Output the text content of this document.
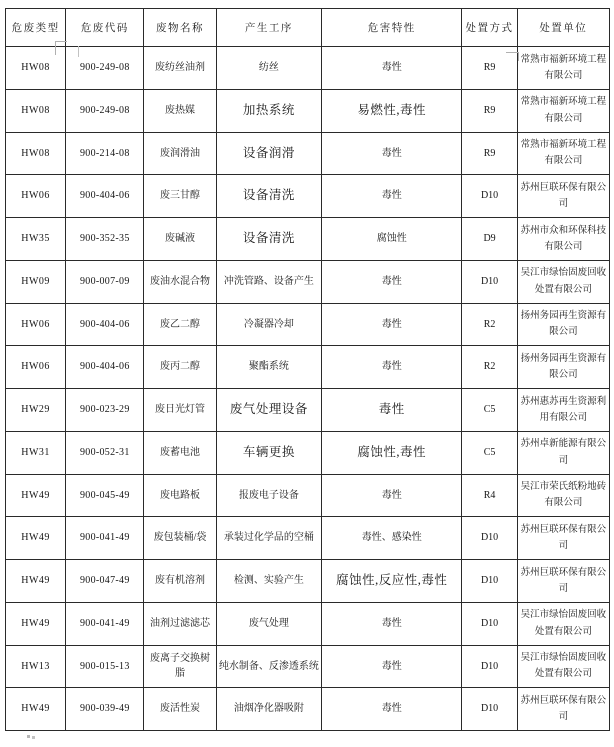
危废类型	危废代码	废物名称	产生工序	危害特性	处置方式	处置单位
HW08	900-249-08	废纺丝油剂	纺丝	毒性	R9	常熟市福新环境工程有限公司
HW08	900-249-08	废热媒	加热系统	易燃性,毒性	R9	常熟市福新环境工程有限公司
HW08	900-214-08	废润滑油	设备润滑	毒性	R9	常熟市福新环境工程有限公司
HW06	900-404-06	废三甘醇	设备清洗	毒性	D10	苏州巨联环保有限公司
HW35	900-352-35	废碱液	设备清洗	腐蚀性	D9	苏州市众和环保科技有限公司
HW09	900-007-09	废油水混合物	冲洗管路、设备产生	毒性	D10	吴江市绿怡固废回收处置有限公司
HW06	900-404-06	废乙二醇	冷凝器冷却	毒性	R2	扬州务园再生资源有限公司
HW06	900-404-06	废丙二醇	聚酯系统	毒性	R2	扬州务园再生资源有限公司
HW29	900-023-29	废日光灯管	废气处理设备	毒性	C5	苏州惠苏再生资源利用有限公司
HW31	900-052-31	废蓄电池	车辆更换	腐蚀性,毒性	C5	苏州卓新能源有限公司
HW49	900-045-49	废电路板	报废电子设备	毒性	R4	吴江市荣氏纸粉地砖有限公司
HW49	900-041-49	废包装桶/袋	承装过化学品的空桶	毒性、感染性	D10	苏州巨联环保有限公司
HW49	900-047-49	废有机溶剂	检测、实验产生	腐蚀性,反应性,毒性	D10	苏州巨联环保有限公司
HW49	900-041-49	油剂过滤滤芯	废气处理	毒性	D10	吴江市绿怡固废回收处置有限公司
HW13	900-015-13	废离子交换树脂	纯水制备、反渗透系统	毒性	D10	吴江市绿怡固废回收处置有限公司
HW49	900-039-49	废活性炭	油烟净化器吸附	毒性	D10	苏州巨联环保有限公司
